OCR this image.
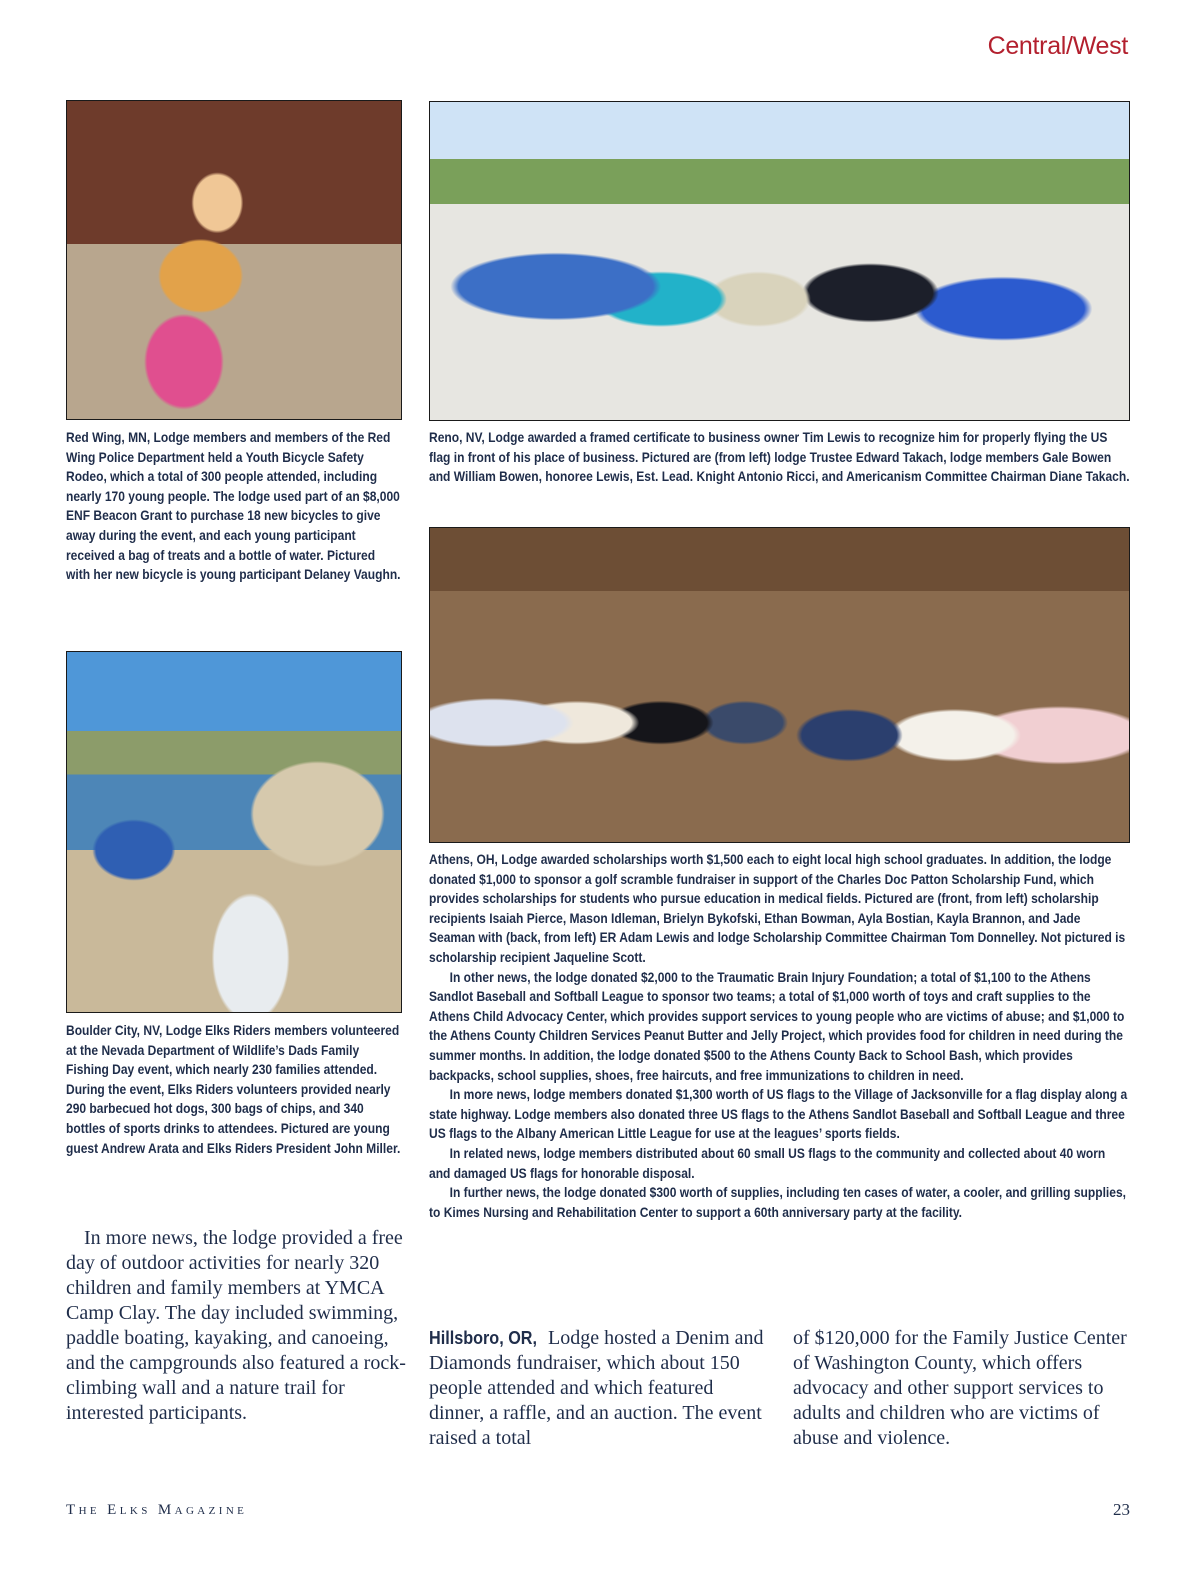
Central/West
Red Wing, MN, Lodge members and members of the Red Wing Police Department held a Youth Bicycle Safety Rodeo, which a total of 300 people attended, including nearly 170 young people. The lodge used part of an $8,000 ENF Beacon Grant to purchase 18 new bicycles to give away during the event, and each young participant received a bag of treats and a bottle of water. Pictured with her new bicycle is young participant Delaney Vaughn.
Reno, NV, Lodge awarded a framed certificate to business owner Tim Lewis to recognize him for properly flying the US flag in front of his place of business. Pictured are (from left) lodge Trustee Edward Takach, lodge members Gale Bowen and William Bowen, honoree Lewis, Est. Lead. Knight Antonio Ricci, and Americanism Committee Chairman Diane Takach.

Athens, OH, Lodge awarded scholarships worth $1,500 each to eight local high school graduates. In addition, the lodge donated $1,000 to sponsor a golf scramble fundraiser in support of the Charles Doc Patton Scholarship Fund, which provides scholarships for students who pursue education in medical fields. Pictured are (front, from left) scholarship recipients Isaiah Pierce, Mason Idleman, Brielyn Bykofski, Ethan Bowman, Ayla Bostian, Kayla Brannon, and Jade Seaman with (back, from left) ER Adam Lewis and lodge Scholarship Committee Chairman Tom Donnelley. Not pictured is scholarship recipient Jaqueline Scott.

In other news, the lodge donated $2,000 to the Traumatic Brain Injury Foundation; a total of $1,100 to the Athens Sandlot Baseball and Softball League to sponsor two teams; a total of $1,000 worth of toys and craft supplies to the Athens Child Advocacy Center, which provides support services to young people who are victims of abuse; and $1,000 to the Athens County Children Services Peanut Butter and Jelly Project, which provides food for children in need during the summer months. In addition, the lodge donated $500 to the Athens County Back to School Bash, which provides backpacks, school supplies, shoes, free haircuts, and free immunizations to children in need.

In more news, lodge members donated $1,300 worth of US flags to the Village of Jacksonville for a flag display along a state highway. Lodge members also donated three US flags to the Athens Sandlot Baseball and Softball League and three US flags to the Albany American Little League for use at the leagues’ sports fields.

In related news, lodge members distributed about 60 small US flags to the community and collected about 40 worn and damaged US flags for honorable disposal.

In further news, the lodge donated $300 worth of supplies, including ten cases of water, a cooler, and grilling supplies, to Kimes Nursing and Rehabilitation Center to support a 60th anniversary party at the facility.

Boulder City, NV, Lodge Elks Riders members volunteered at the Nevada Department of Wildlife’s Dads Family Fishing Day event, which nearly 230 families attended. During the event, Elks Riders volunteers provided nearly 290 barbecued hot dogs, 300 bags of chips, and 340 bottles of sports drinks to attendees. Pictured are young guest Andrew Arata and Elks Riders President John Miller.

In more news, the lodge provided a free day of outdoor activities for nearly 320 children and family members at YMCA Camp Clay. The day included swimming, paddle boating, kayaking, and canoeing, and the campgrounds also featured a rock-climbing wall and a nature trail for interested participants.

Hillsboro, OR, Lodge hosted a Denim and Diamonds fundraiser, which about 150 people attended and which featured dinner, a raffle, and an auction. The event raised a total

of $120,000 for the Family Justice Center of Washington County, which offers advocacy and other support services to adults and children who are victims of abuse and violence.

The Elks Magazine	23
